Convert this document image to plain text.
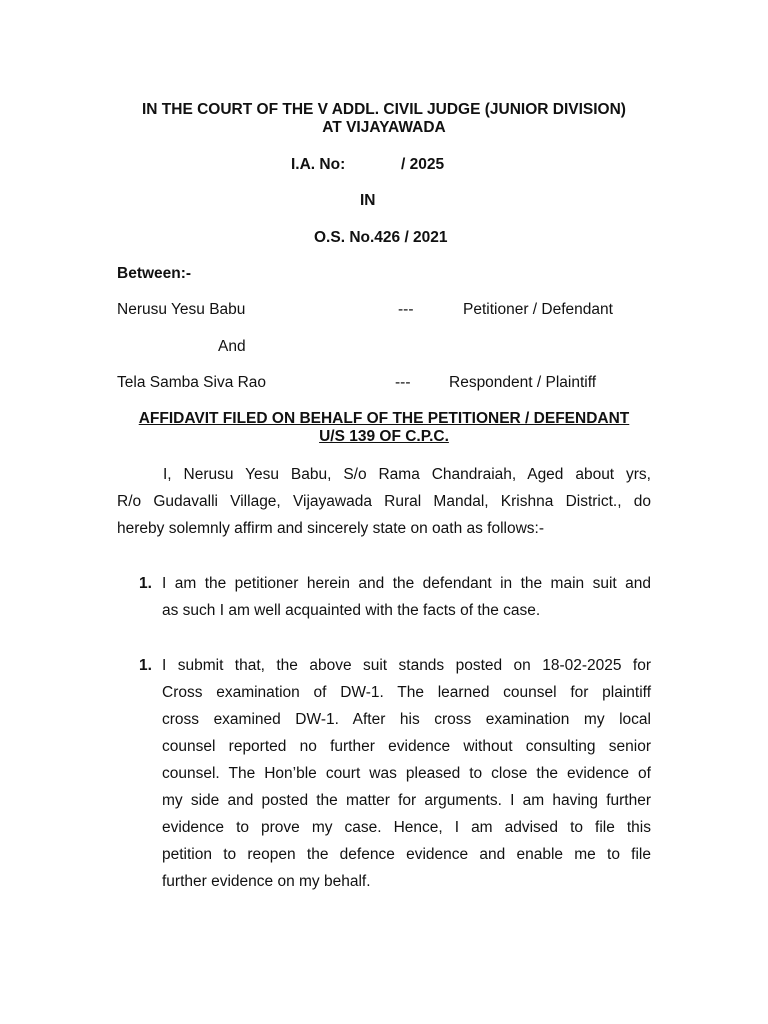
IN THE COURT OF THE V ADDL. CIVIL JUDGE (JUNIOR DIVISION)
AT VIJAYAWADA
I.A. No:	/ 2025
IN
O.S. No.426 / 2021
Between:-
Nerusu Yesu Babu	---	Petitioner / Defendant
And
Tela Samba Siva Rao	--- Respondent / Plaintiff
AFFIDAVIT FILED ON BEHALF OF THE PETITIONER / DEFENDANT
U/S 139 OF C.P.C.
I, Nerusu Yesu Babu, S/o Rama Chandraiah, Aged about yrs,
R/o Gudavalli Village, Vijayawada Rural Mandal, Krishna District., do
hereby solemnly affirm and sincerely state on oath as follows:-
1. I am the petitioner herein and the defendant in the main suit and
as such I am well acquainted with the facts of the case.
1. I submit that, the above suit stands posted on 18-02-2025 for
Cross examination of DW-1. The learned counsel for plaintiff
cross examined DW-1. After his cross examination my local
counsel reported no further evidence without consulting senior
counsel. The Hon’ble court was pleased to close the evidence of
my side and posted the matter for arguments. I am having further
evidence to prove my case. Hence, I am advised to file this
petition to reopen the defence evidence and enable me to file
further evidence on my behalf.
